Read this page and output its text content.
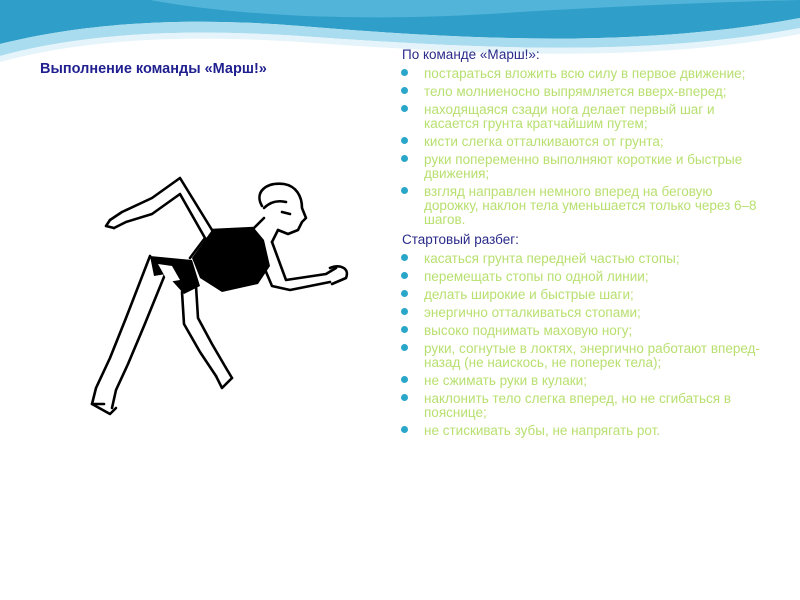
Выполнение команды «Марш!»
По команде «Марш!»:
постараться вложить всю силу в первое движение;
тело молниеносно выпрямляется вверх-вперед;
находящаяся сзади нога делает первый шаг и касается грунта кратчайшим путем;
кисти слегка отталкиваются от грунта;
руки попеременно выполняют короткие и быстрые движения;
взгляд направлен немного вперед на беговую дорожку, наклон тела уменьшается только через 6–8 шагов.
Стартовый разбег:
касаться грунта передней частью стопы;
перемещать стопы по одной линии;
делать широкие и быстрые шаги;
энергично отталкиваться стопами;
высоко поднимать маховую ногу;
руки, согнутые в локтях, энергично работают вперед-назад (не наискось, не поперек тела);
не сжимать руки в кулаки;
наклонить тело слегка вперед, но не сгибаться в пояснице;
не стискивать зубы, не напрягать рот.
